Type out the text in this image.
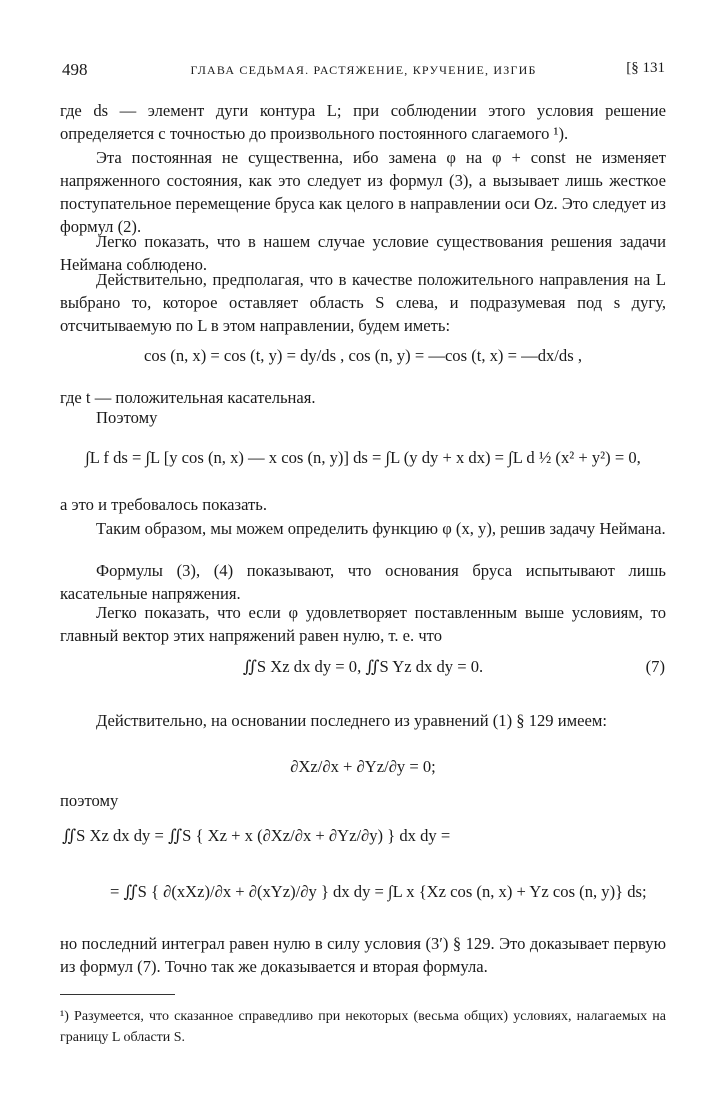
498	ГЛАВА СЕДЬМАЯ. РАСТЯЖЕНИЕ, КРУЧЕНИЕ, ИЗГИБ	[§ 131
где ds — элемент дуги контура L; при соблюдении этого условия решение определяется с точностью до произвольного постоянного слагаемого ¹).
Эта постоянная не существенна, ибо замена φ на φ + const не изменяет напряженного состояния, как это следует из формул (3), а вызывает лишь жесткое поступательное перемещение бруса как целого в направлении оси Oz. Это следует из формул (2).
Легко показать, что в нашем случае условие существования решения задачи Неймана соблюдено.
Действительно, предполагая, что в качестве положительного направления на L выбрано то, которое оставляет область S слева, и подразумевая под s дугу, отсчитываемую по L в этом направлении, будем иметь:
cos (n, x) = cos (t, y) = dy/ds , cos (n, y) = —cos (t, x) = —dx/ds ,
где t — положительная касательная.
Поэтому
∫L f ds = ∫L [y cos (n, x) — x cos (n, y)] ds = ∫L (y dy + x dx) = ∫L d ½ (x² + y²) = 0,
а это и требовалось показать.
Таким образом, мы можем определить функцию φ (x, y), решив задачу Неймана.
Формулы (3), (4) показывают, что основания бруса испытывают лишь касательные напряжения.
Легко показать, что если φ удовлетворяет поставленным выше условиям, то главный вектор этих напряжений равен нулю, т. е. что
∬S Xz dx dy = 0, ∬S Yz dx dy = 0.	(7)
Действительно, на основании последнего из уравнений (1) § 129 имеем:
∂Xz/∂x + ∂Yz/∂y = 0;
поэтому
∬S Xz dx dy = ∬S { Xz + x (∂Xz/∂x + ∂Yz/∂y) } dx dy =
= ∬S { ∂(xXz)/∂x + ∂(xYz)/∂y } dx dy = ∫L x {Xz cos (n, x) + Yz cos (n, y)} ds;
но последний интеграл равен нулю в силу условия (3′) § 129. Это доказывает первую из формул (7). Точно так же доказывается и вторая формула.
¹) Разумеется, что сказанное справедливо при некоторых (весьма общих) условиях, налагаемых на границу L области S.
